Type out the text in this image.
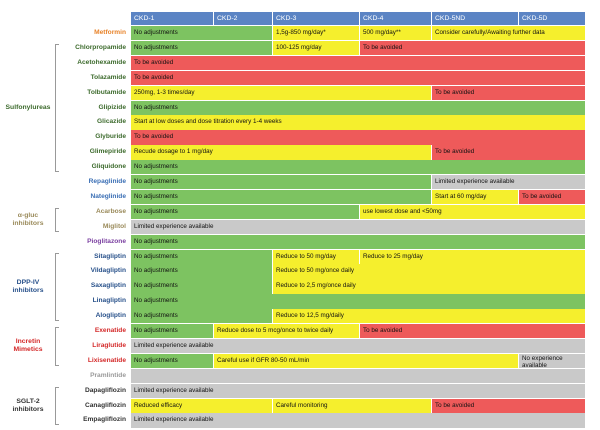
CKD-1	CKD-2	CKD-3	CKD-4	CKD-5ND	CKD-5D
Metformin	No adjustments	1,5g-850 mg/day*	500 mg/day**	Consider carefully/Awaiting further data
Chlorpropamide	No adjustments	100-125 mg/day	To be avoided
Acetohexamide	To be avoided
Tolazamide	To be avoided
Tolbutamide	250mg, 1-3 times/day	To be avoided
Glipizide	No adjustments
Glicazide	Start at low doses and dose titration every 1-4 weeks
Glyburide	To be avoided
Glimepiride	Recude dosage to 1 mg/day	To be avoided
Gliquidone	No adjustments
Repaglinide	No adjustments	Limited experience available
Nateglinide	No adjustments	Start at 60 mg/day	To be avoided
Acarbose	No adjustments	use lowest dose and <50mg
Miglitol	Limited experience available
Pioglitazone	No adjustments
Sitagliptin	No adjustments	Reduce to 50 mg/day	Reduce to 25 mg/day
Vildagliptin	No adjustments	Reduce to 50 mg/once daily
Saxagliptin	No adjustments	Reduce to 2,5 mg/once daily
Linagliptin	No adjustments
Alogliptin	No adjustments	Reduce to 12,5 mg/daily
Exenatide	No adjustments	Reduce dose to 5 mcg/once to twice daily	To be avoided
Liraglutide	Limited experience available
Lixisenatide	No adjustments	Careful use if GFR 80-50 mL/min	No experience available
Pramlintide
Dapagliflozin	Limited experience available
Canagliflozin	Reduced efficacy	Careful monitoring	To be avoided
Empagliflozin	Limited experience available
Sulfonylureas
α-gluc inhibitors
DPP-IV inhibitors
Incretin Mimetics
SGLT-2 inhibitors
